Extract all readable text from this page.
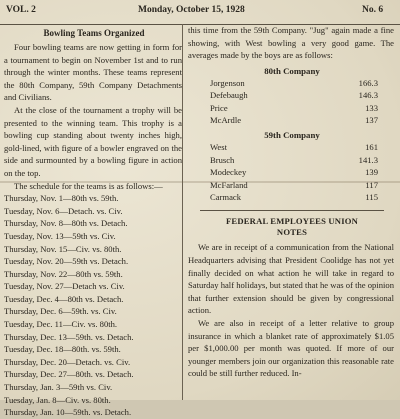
VOL. 2	Monday, October 15, 1928	No. 6
Bowling Teams Organized

Four bowling teams are now getting in form for a tournament to begin on November 1st and to run through the winter months. These teams represent the 80th Company, 59th Company Detachments and Civilians.

At the close of the tournament a trophy will be presented to the winning team. This trophy is a bowling cup standing about twenty inches high, gold-lined, with figure of a bowler engraved on the side and surmounted by a bowling figure in action on the top.

The schedule for the teams is as follows:—

Thursday, Nov. 1—80th vs. 59th.
Tuesday, Nov. 6—Detach. vs. Civ.
Thursday, Nov. 8—80th vs. Detach.
Tuesday, Nov. 13—59th vs. Civ.
Thursday, Nov. 15—Civ. vs. 80th.
Tuesday, Nov. 20—59th vs. Detach.
Thursday, Nov. 22—80th vs. 59th.
Tuesday, Nov. 27—Detach vs. Civ.
Tuesday, Dec. 4—80th vs. Detach.
Thursday, Dec. 6—59th. vs. Civ.
Tuesday, Dec. 11—Civ. vs. 80th.
Thursday, Dec. 13—59th. vs. Detach.
Tuesday, Dec. 18—80th. vs. 59th.
Thursday, Dec. 20—Detach. vs. Civ.
Thursday, Dec. 27—80th. vs. Detach.
Thursday, Jan. 3—59th vs. Civ.
Tuesday, Jan. 8—Civ. vs. 80th.
Thursday, Jan. 10—59th. vs. Detach.

this time from the 59th Company. "Jug" again made a fine showing, with West bowling a very good game. The averages made by the boys are as follows:

80th Company
Jorgenson	166.3
Defebaugh	146.3
Price	133
McArdle	137
59th Company
West	161
Brusch	141.3
Modeckey	139
McFarland	117
Carmack	115
FEDERAL EMPLOYEES UNION
NOTES

We are in receipt of a communication from the National Headquarters advising that President Coolidge has not yet finally decided on what action he will take in regard to Saturday half holidays, but stated that he was of the opinion that further extension should be given by congressional action.

We are also in receipt of a letter relative to group insurance in which a blanket rate of approximately $1.05 per $1,000.00 per month was quoted. If more of our younger members join our organization this reasonable rate could be still further reduced. In-
